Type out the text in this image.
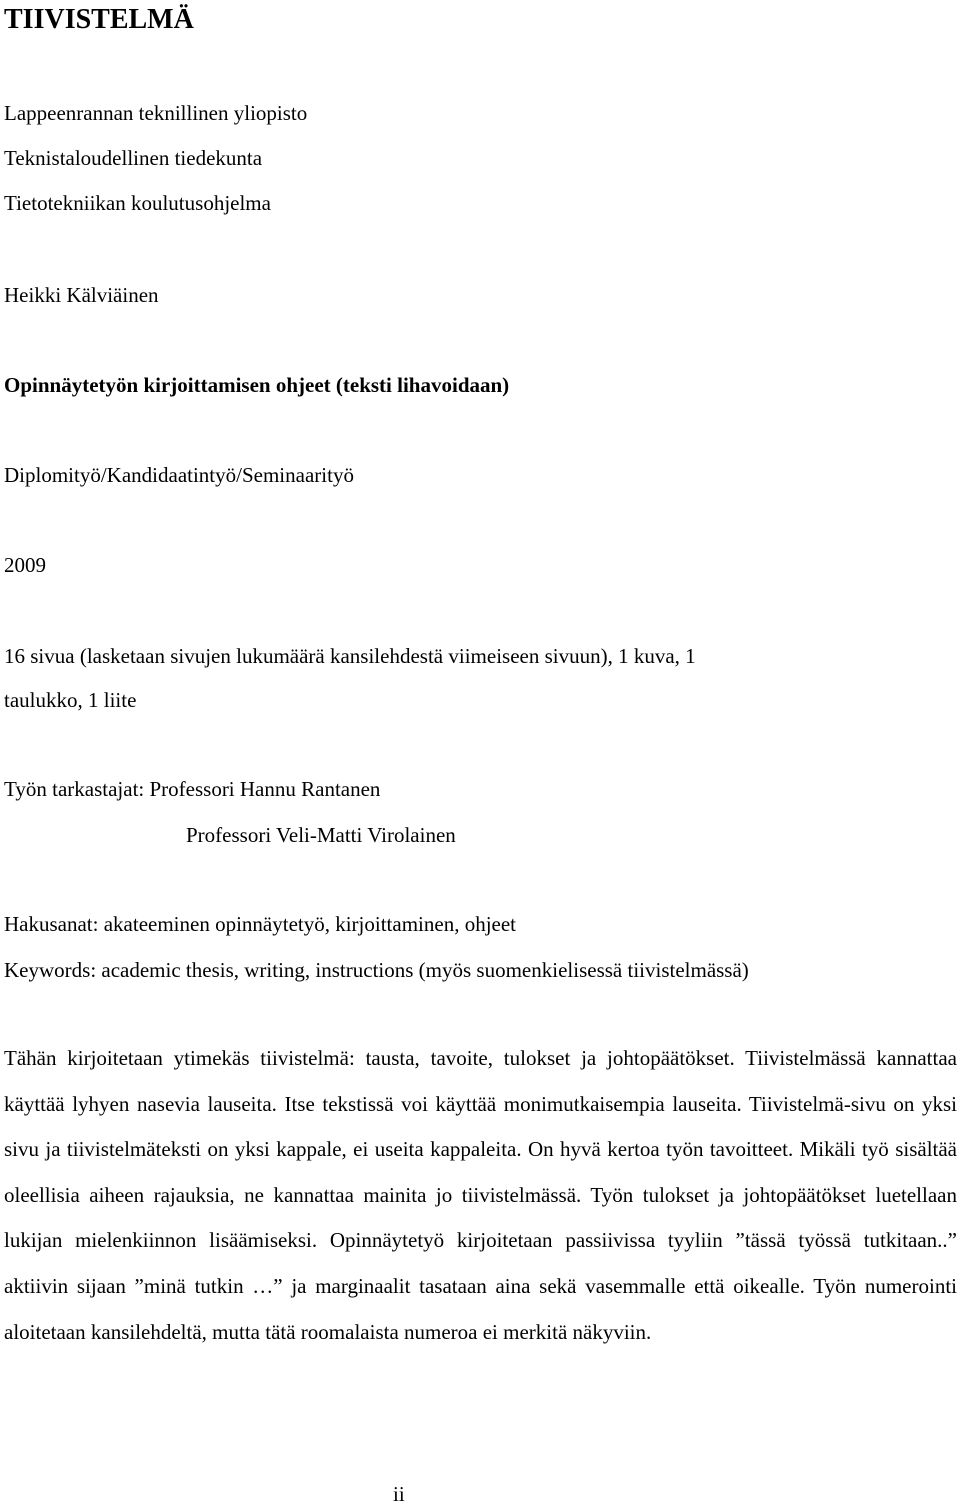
TIIVISTELMÄ
Lappeenrannan teknillinen yliopisto
Teknistaloudellinen tiedekunta
Tietotekniikan koulutusohjelma
Heikki Kälviäinen
Opinnäytetyön kirjoittamisen ohjeet (teksti lihavoidaan)
Diplomityö/Kandidaatintyö/Seminaarityö
2009
16 sivua (lasketaan sivujen lukumäärä kansilehdestä viimeiseen sivuun), 1 kuva, 1
taulukko, 1 liite
Työn tarkastajat: Professori Hannu Rantanen
Professori Veli-Matti Virolainen
Hakusanat: akateeminen opinnäytetyö, kirjoittaminen, ohjeet
Keywords: academic thesis, writing, instructions (myös suomenkielisessä tiivistelmässä)
Tähän kirjoitetaan ytimekäs tiivistelmä: tausta, tavoite, tulokset ja johtopäätökset. Tiivistelmässä kannattaa käyttää lyhyen nasevia lauseita. Itse tekstissä voi käyttää monimutkaisempia lauseita. Tiivistelmä-sivu on yksi sivu ja tiivistelmäteksti on yksi kappale, ei useita kappaleita. On hyvä kertoa työn tavoitteet. Mikäli työ sisältää oleellisia aiheen rajauksia, ne kannattaa mainita jo tiivistelmässä. Työn tulokset ja johtopäätökset luetellaan lukijan mielenkiinnon lisäämiseksi. Opinnäytetyö kirjoitetaan passiivissa tyyliin ”tässä työssä tutkitaan..” aktiivin sijaan ”minä tutkin …” ja marginaalit tasataan aina sekä vasemmalle että oikealle. Työn numerointi aloitetaan kansilehdeltä, mutta tätä roomalaista numeroa ei merkitä näkyviin.
ii
